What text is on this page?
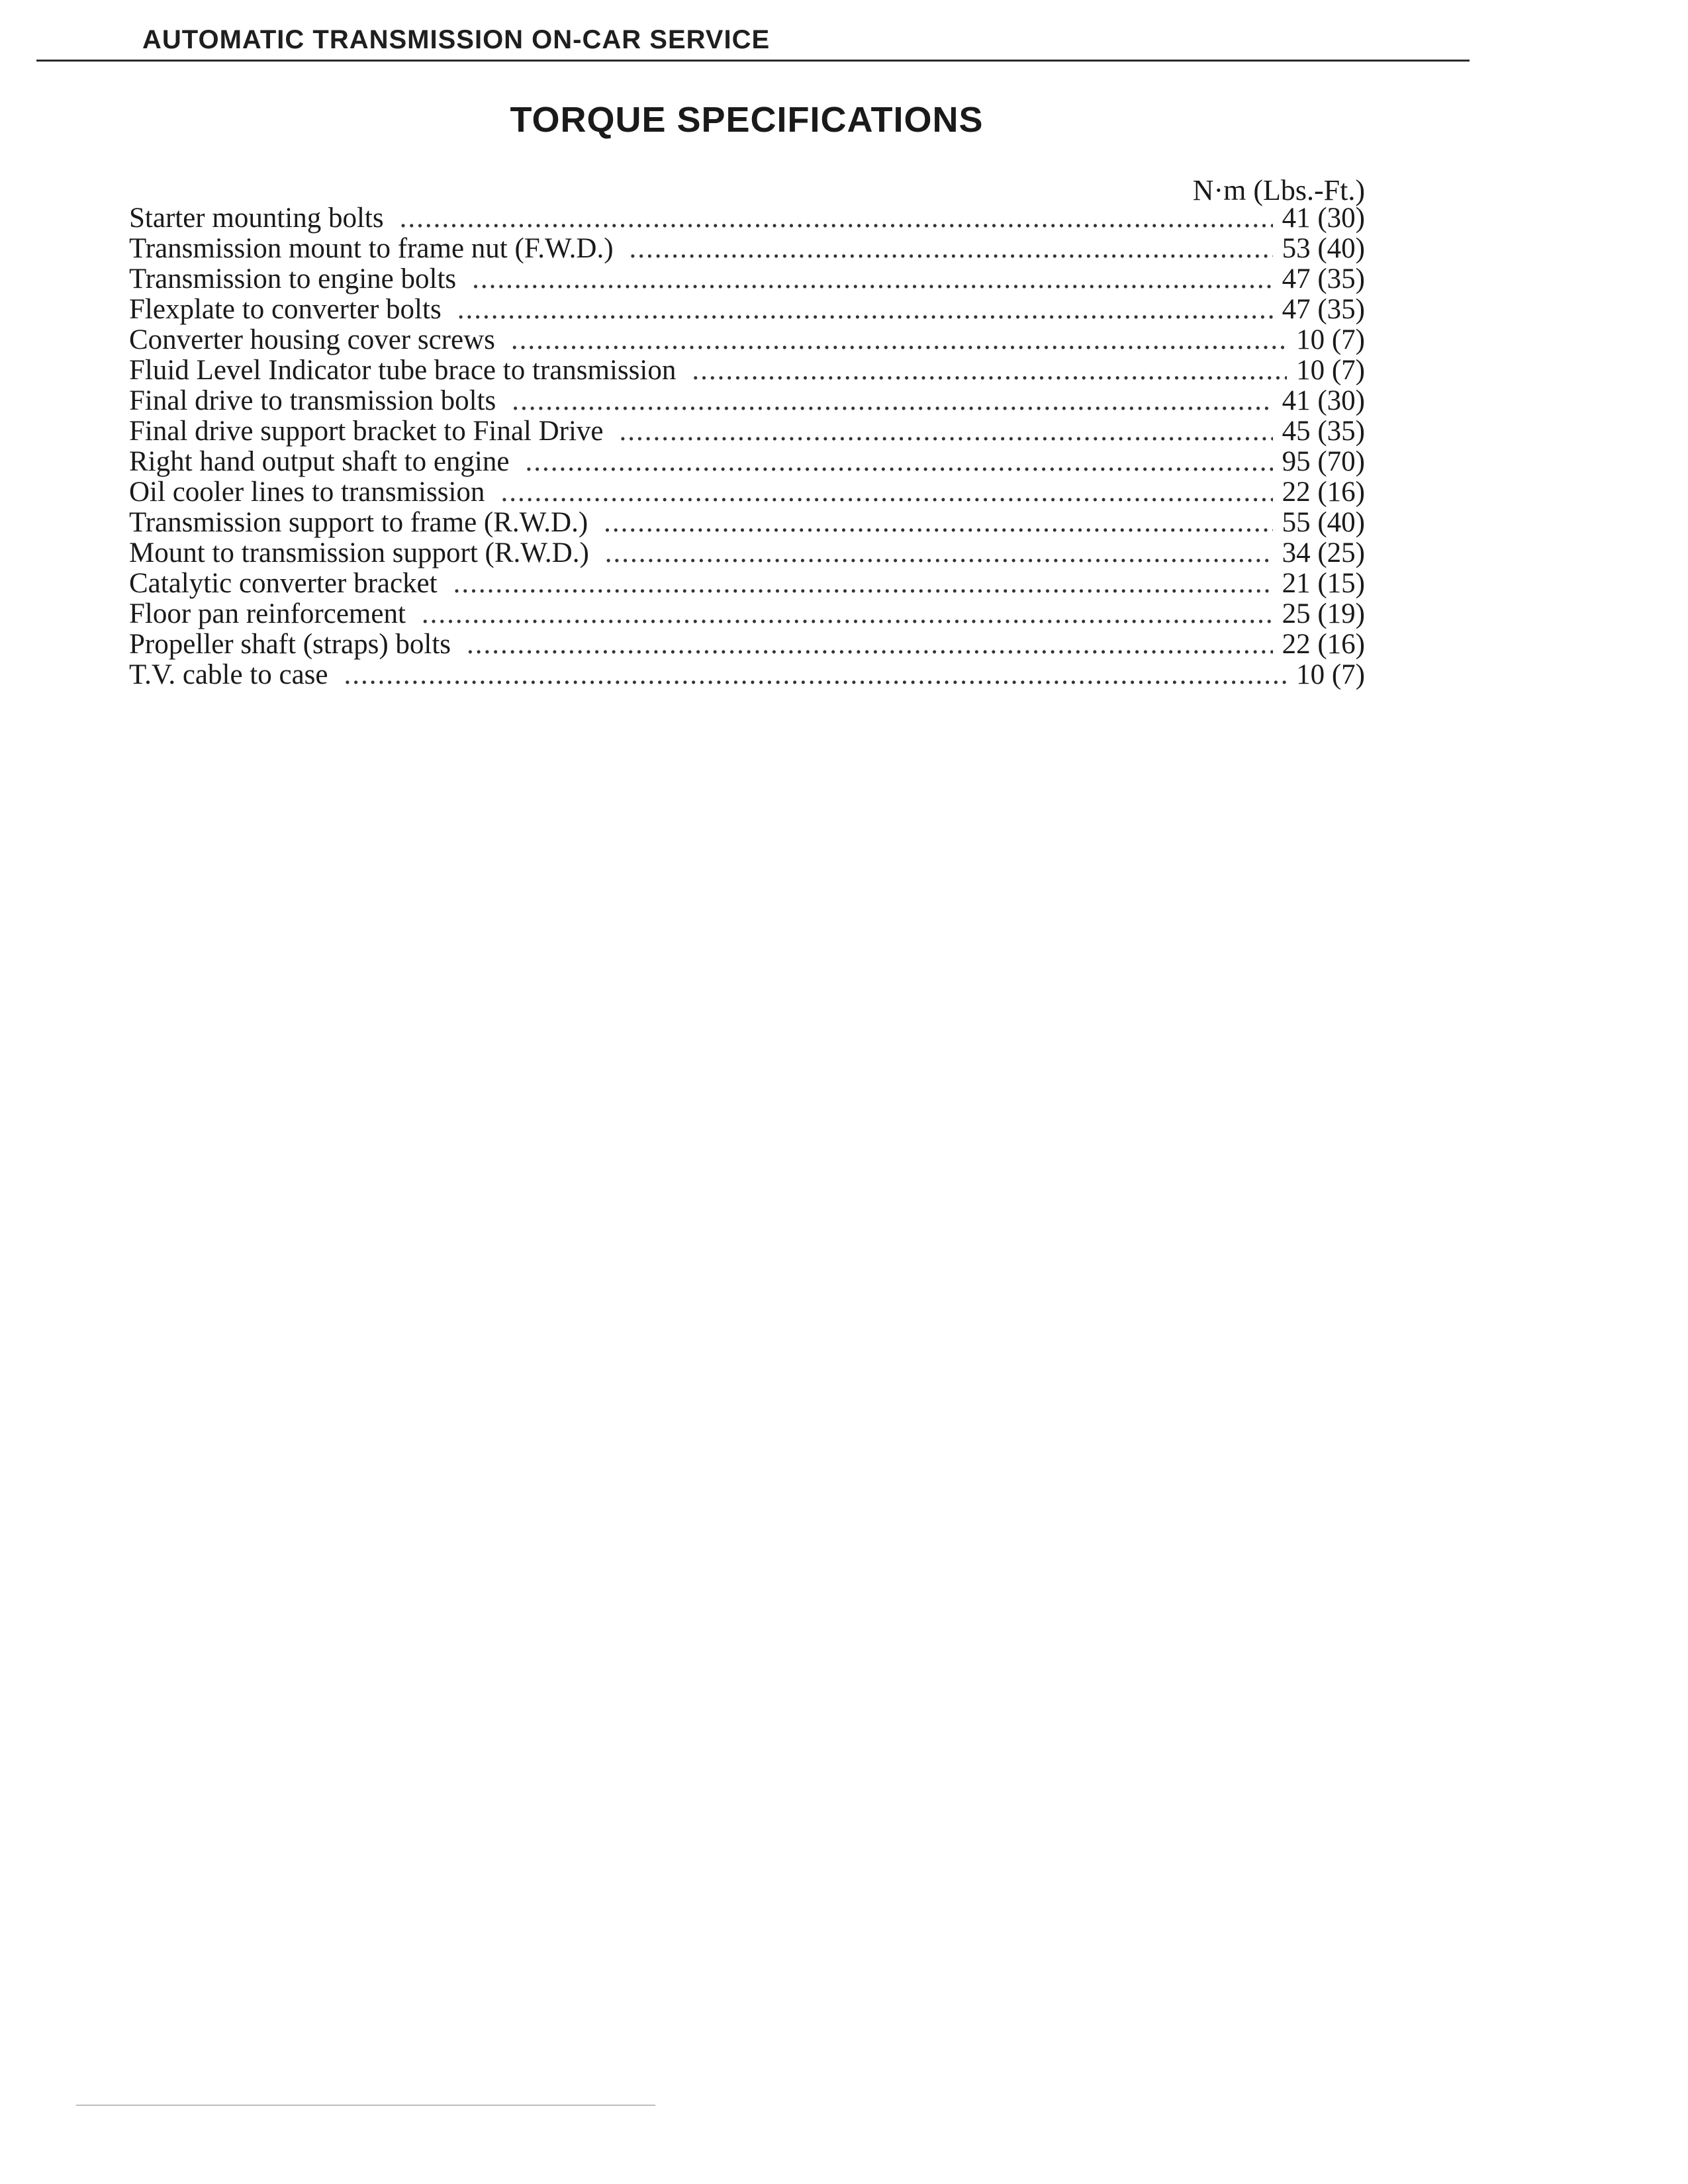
AUTOMATIC TRANSMISSION ON-CAR SERVICE
TORQUE SPECIFICATIONS
N·m (Lbs.-Ft.)
Starter mounting bolts .....	41 (30)
Transmission mount to frame nut (F.W.D.) .....	53 (40)
Transmission to engine bolts .....	47 (35)
Flexplate to converter bolts .....	47 (35)
Converter housing cover screws .....	10 (7)
Fluid Level Indicator tube brace to transmission .....	10 (7)
Final drive to transmission bolts .....	41 (30)
Final drive support bracket to Final Drive .....	45 (35)
Right hand output shaft to engine .....	95 (70)
Oil cooler lines to transmission .....	22 (16)
Transmission support to frame (R.W.D.) .....	55 (40)
Mount to transmission support (R.W.D.) .....	34 (25)
Catalytic converter bracket .....	21 (15)
Floor pan reinforcement .....	25 (19)
Propeller shaft (straps) bolts .....	22 (16)
T.V. cable to case .....	10 (7)
